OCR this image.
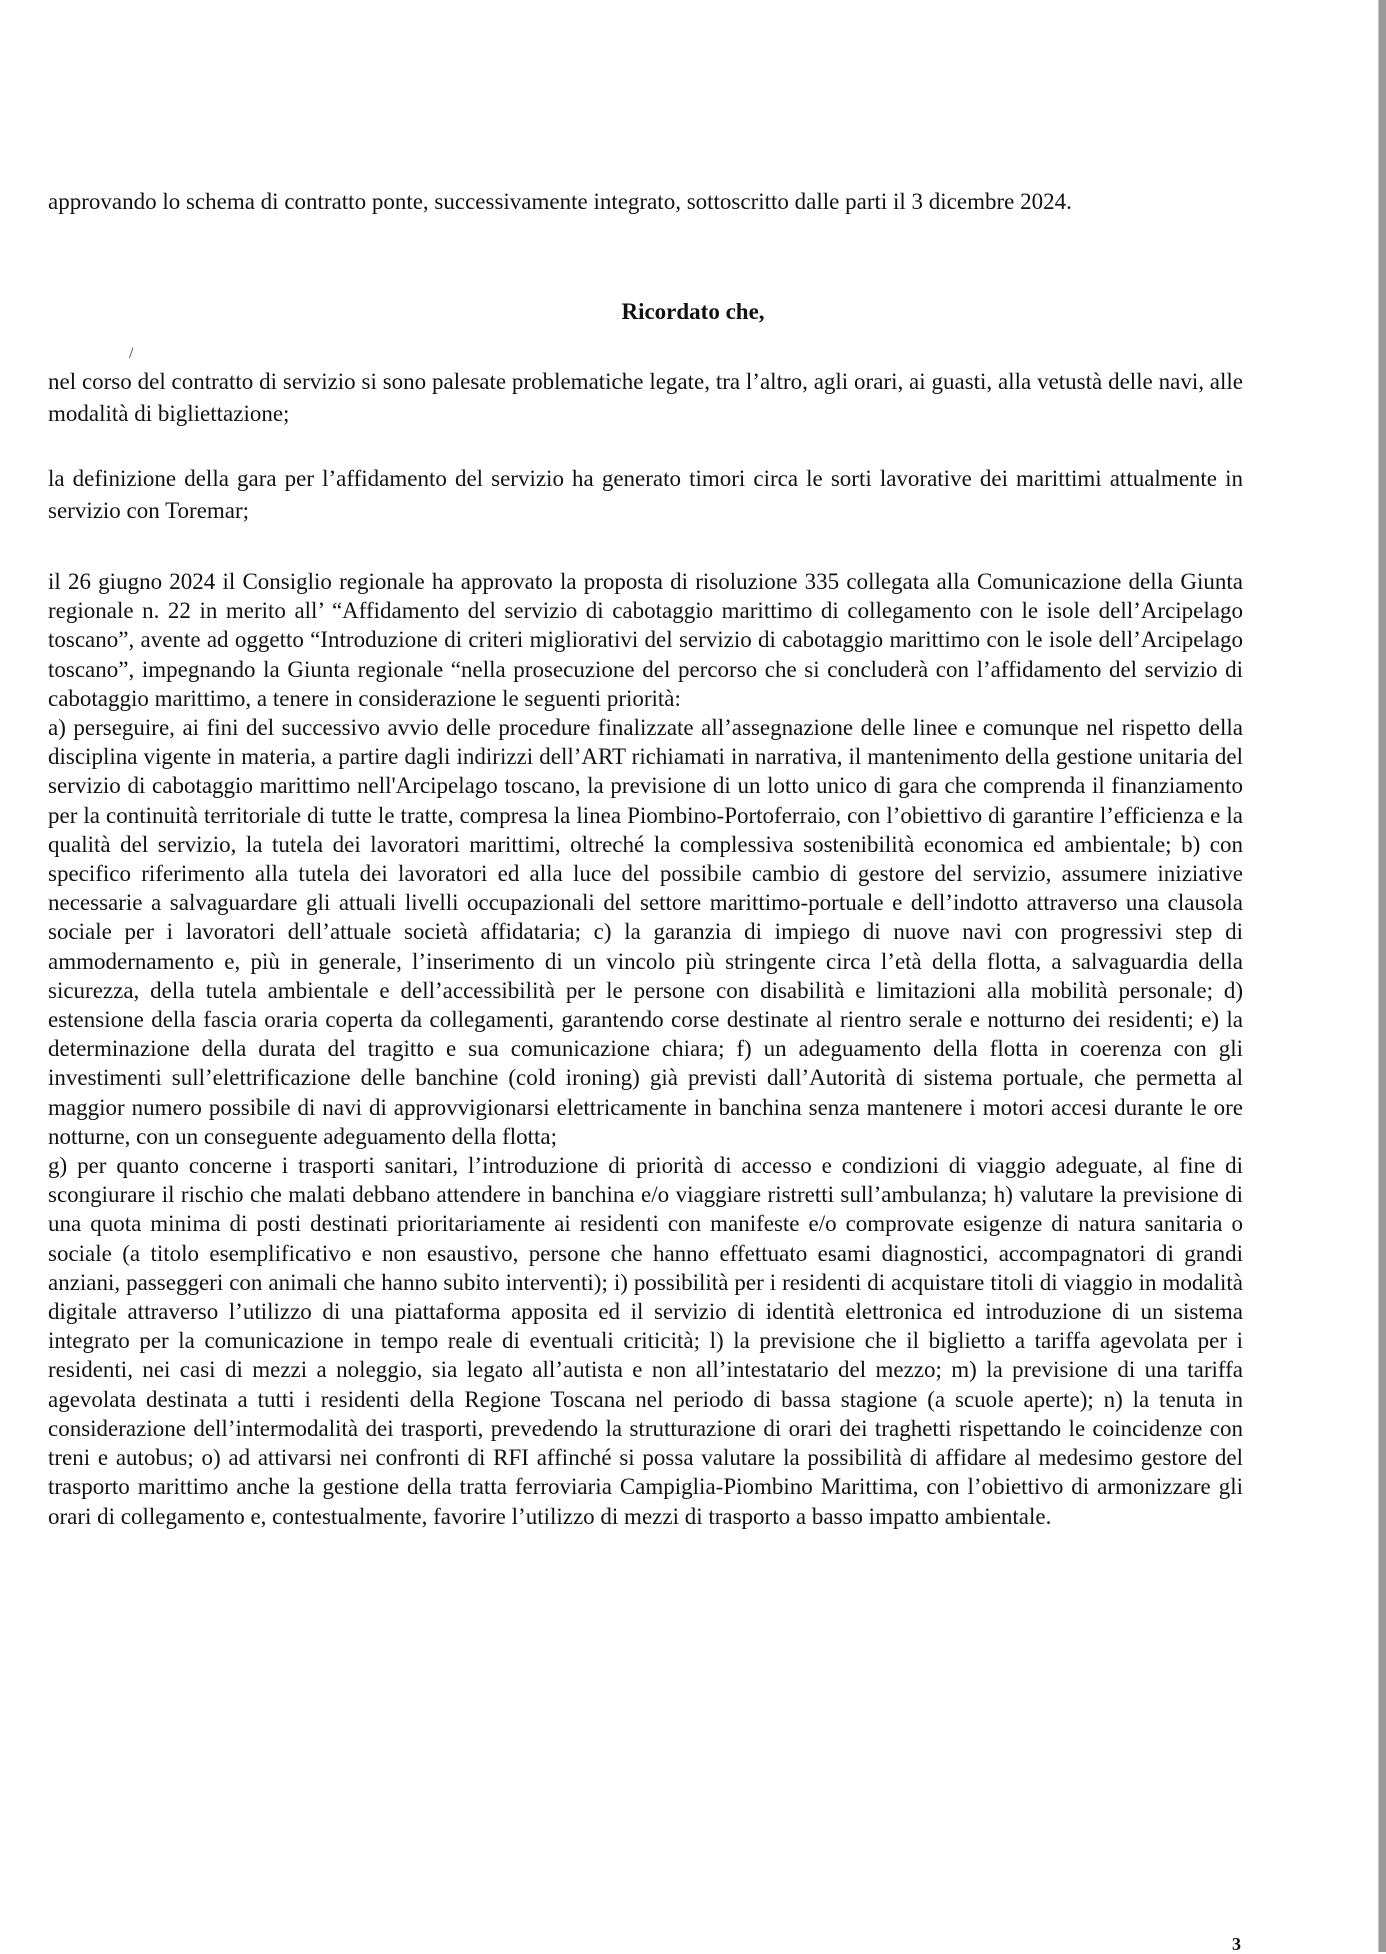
approvando lo schema di contratto ponte, successivamente integrato, sottoscritto dalle parti il 3 dicembre 2024.
Ricordato che,
/
nel corso del contratto di servizio si sono palesate problematiche legate, tra l’altro, agli orari, ai guasti, alla vetustà delle navi, alle modalità di bigliettazione;
la definizione della gara per l’affidamento del servizio ha generato timori circa le sorti lavorative dei marittimi attualmente in servizio con Toremar;
il 26 giugno 2024 il Consiglio regionale ha approvato la proposta di risoluzione 335 collegata alla Comunicazione della Giunta regionale n. 22 in merito all’ “Affidamento del servizio di cabotaggio marittimo di collegamento con le isole dell’Arcipelago toscano”, avente ad oggetto “Introduzione di criteri migliorativi del servizio di cabotaggio marittimo con le isole dell’Arcipelago toscano”, impegnando la Giunta regionale “nella prosecuzione del percorso che si concluderà con l’affidamento del servizio di cabotaggio marittimo, a tenere in considerazione le seguenti priorità:
a) perseguire, ai fini del successivo avvio delle procedure finalizzate all’assegnazione delle linee e comunque nel rispetto della disciplina vigente in materia, a partire dagli indirizzi dell’ART richiamati in narrativa, il mantenimento della gestione unitaria del servizio di cabotaggio marittimo nell'Arcipelago toscano, la previsione di un lotto unico di gara che comprenda il finanziamento per la continuità territoriale di tutte le tratte, compresa la linea Piombino-Portoferraio, con l’obiettivo di garantire l’efficienza e la qualità del servizio, la tutela dei lavoratori marittimi, oltreché la complessiva sostenibilità economica ed ambientale; b) con specifico riferimento alla tutela dei lavoratori ed alla luce del possibile cambio di gestore del servizio, assumere iniziative necessarie a salvaguardare gli attuali livelli occupazionali del settore marittimo-portuale e dell’indotto attraverso una clausola sociale per i lavoratori dell’attuale società affidataria; c) la garanzia di impiego di nuove navi con progressivi step di ammodernamento e, più in generale, l’inserimento di un vincolo più stringente circa l’età della flotta, a salvaguardia della sicurezza, della tutela ambientale e dell’accessibilità per le persone con disabilità e limitazioni alla mobilità personale; d) estensione della fascia oraria coperta da collegamenti, garantendo corse destinate al rientro serale e notturno dei residenti; e) la determinazione della durata del tragitto e sua comunicazione chiara; f) un adeguamento della flotta in coerenza con gli investimenti sull’elettrificazione delle banchine (cold ironing) già previsti dall’Autorità di sistema portuale, che permetta al maggior numero possibile di navi di approvvigionarsi elettricamente in banchina senza mantenere i motori accesi durante le ore notturne, con un conseguente adeguamento della flotta;
g) per quanto concerne i trasporti sanitari, l’introduzione di priorità di accesso e condizioni di viaggio adeguate, al fine di scongiurare il rischio che malati debbano attendere in banchina e/o viaggiare ristretti sull’ambulanza; h) valutare la previsione di una quota minima di posti destinati prioritariamente ai residenti con manifeste e/o comprovate esigenze di natura sanitaria o sociale (a titolo esemplificativo e non esaustivo, persone che hanno effettuato esami diagnostici, accompagnatori di grandi anziani, passeggeri con animali che hanno subito interventi); i) possibilità per i residenti di acquistare titoli di viaggio in modalità digitale attraverso l’utilizzo di una piattaforma apposita ed il servizio di identità elettronica ed introduzione di un sistema integrato per la comunicazione in tempo reale di eventuali criticità; l) la previsione che il biglietto a tariffa agevolata per i residenti, nei casi di mezzi a noleggio, sia legato all’autista e non all’intestatario del mezzo; m) la previsione di una tariffa agevolata destinata a tutti i residenti della Regione Toscana nel periodo di bassa stagione (a scuole aperte); n) la tenuta in considerazione dell’intermodalità dei trasporti, prevedendo la strutturazione di orari dei traghetti rispettando le coincidenze con treni e autobus; o) ad attivarsi nei confronti di RFI affinché si possa valutare la possibilità di affidare al medesimo gestore del trasporto marittimo anche la gestione della tratta ferroviaria Campiglia-Piombino Marittima, con l’obiettivo di armonizzare gli orari di collegamento e, contestualmente, favorire l’utilizzo di mezzi di trasporto a basso impatto ambientale.
3
